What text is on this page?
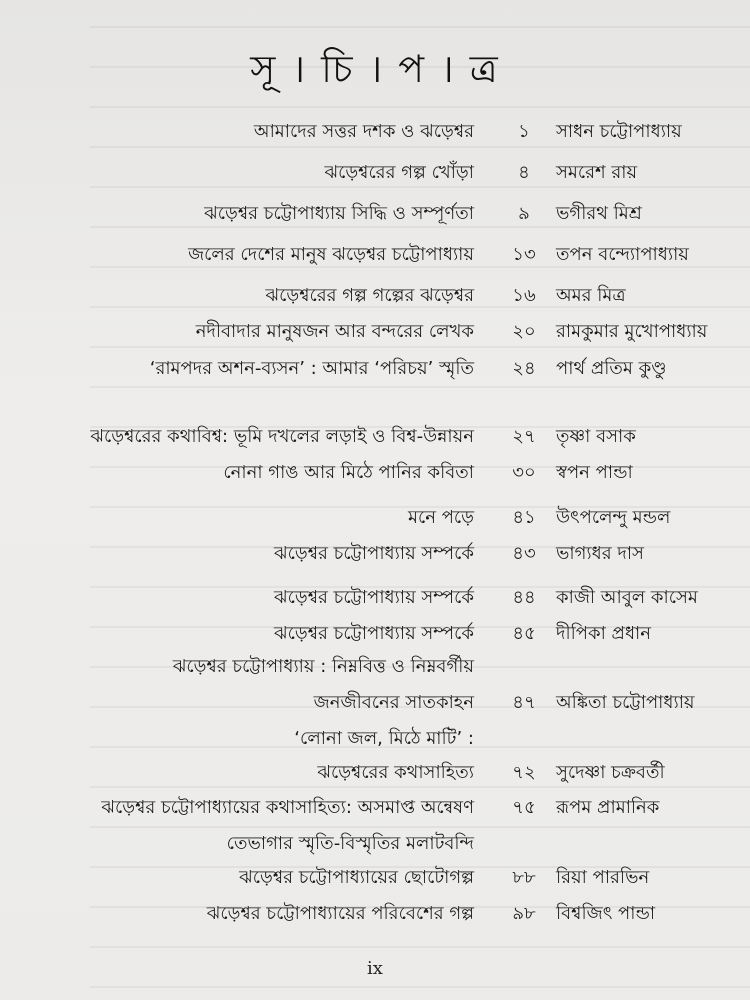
সূ । চি । প । ত্র
আমাদের সত্তর দশক ও ঝড়েশ্বর	১	সাধন চট্টোপাধ্যায়
ঝড়েশ্বরের গল্প খোঁড়া	৪	সমরেশ রায়
ঝড়েশ্বর চট্টোপাধ্যায় সিদ্ধি ও সম্পূর্ণতা	৯	ভগীরথ মিশ্র
জলের দেশের মানুষ ঝড়েশ্বর চট্টোপাধ্যায়	১৩	তপন বন্দ্যোপাধ্যায়
ঝড়েশ্বরের গল্প গল্পের ঝড়েশ্বর	১৬	অমর মিত্র
নদীবাদার মানুষজন আর বন্দরের লেখক	২০	রামকুমার মুখোপাধ্যায়
‘রামপদর অশন-ব্যসন’ : আমার ‘পরিচয়’ স্মৃতি	২৪	পার্থ প্রতিম কুণ্ডু
ঝড়েশ্বরের কথাবিশ্ব: ভূমি দখলের লড়াই ও বিশ্ব-উন্নায়ন	২৭	তৃষ্ণা বসাক
নোনা গাঙ আর মিঠে পানির কবিতা	৩০	স্বপন পান্ডা
মনে পড়ে	৪১	উৎপলেন্দু মন্ডল
ঝড়েশ্বর চট্টোপাধ্যায় সম্পর্কে	৪৩	ভাগ্যধর দাস
ঝড়েশ্বর চট্টোপাধ্যায় সম্পর্কে	৪৪	কাজী আবুল কাসেম
ঝড়েশ্বর চট্টোপাধ্যায় সম্পর্কে	৪৫	দীপিকা প্রধান
ঝড়েশ্বর চট্টোপাধ্যায় : নিম্নবিত্ত ও নিম্নবর্গীয়
জনজীবনের সাতকাহন	৪৭	অঙ্কিতা চট্টোপাধ্যায়
‘লোনা জল, মিঠে মাটি’ :
ঝড়েশ্বরের কথাসাহিত্য	৭২	সুদেষ্ণা চক্রবর্তী
ঝড়েশ্বর চট্টোপাধ্যায়ের কথাসাহিত্য: অসমাপ্ত অন্বেষণ	৭৫	রূপম প্রামানিক
তেভাগার স্মৃতি-বিস্মৃতির মলাটবন্দি
ঝড়েশ্বর চট্টোপাধ্যায়ের ছোটোগল্প	৮৮	রিয়া পারভিন
ঝড়েশ্বর চট্টোপাধ্যায়ের পরিবেশের গল্প	৯৮	বিশ্বজিৎ পান্ডা
ix
